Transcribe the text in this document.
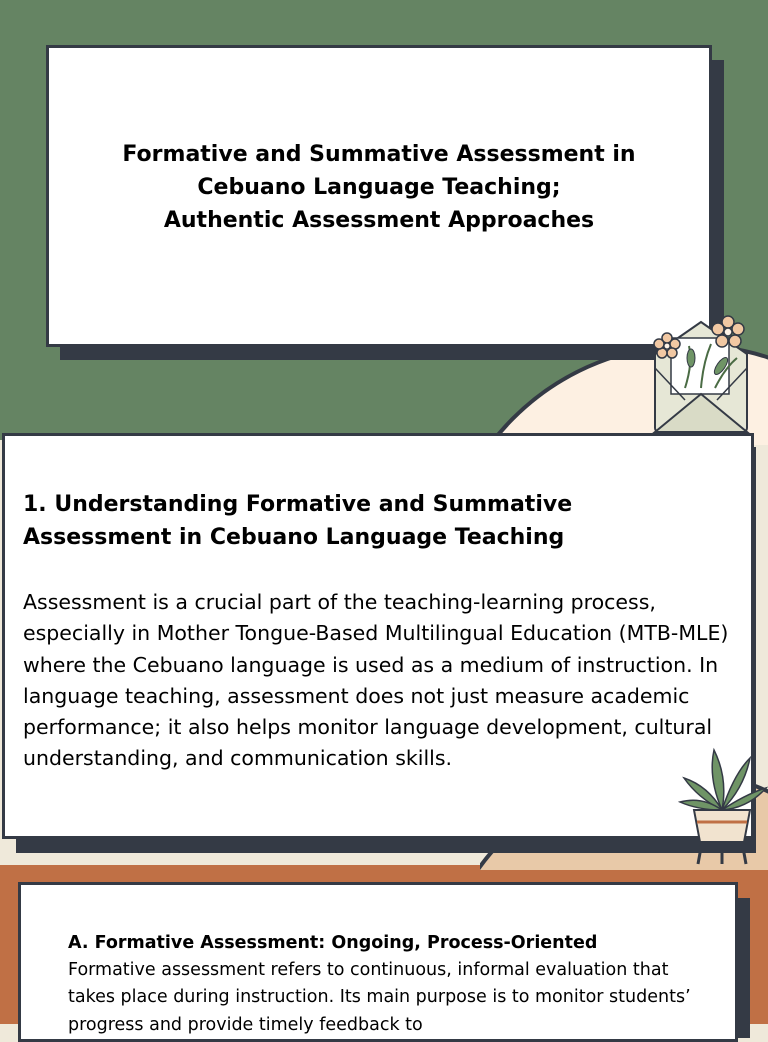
Formative and Summative Assessment in
Cebuano Language Teaching;
Authentic Assessment Approaches
1. Understanding Formative and Summative Assessment in Cebuano Language Teaching
Assessment is a crucial part of the teaching-learning process, especially in Mother Tongue-Based Multilingual Education (MTB-MLE) where the Cebuano language is used as a medium of instruction. In language teaching, assessment does not just measure academic performance; it also helps monitor language development, cultural understanding, and communication skills.
A. Formative Assessment: Ongoing, Process-Oriented
Formative assessment refers to continuous, informal evaluation that takes place during instruction. Its main purpose is to monitor students’ progress and provide timely feedback to
